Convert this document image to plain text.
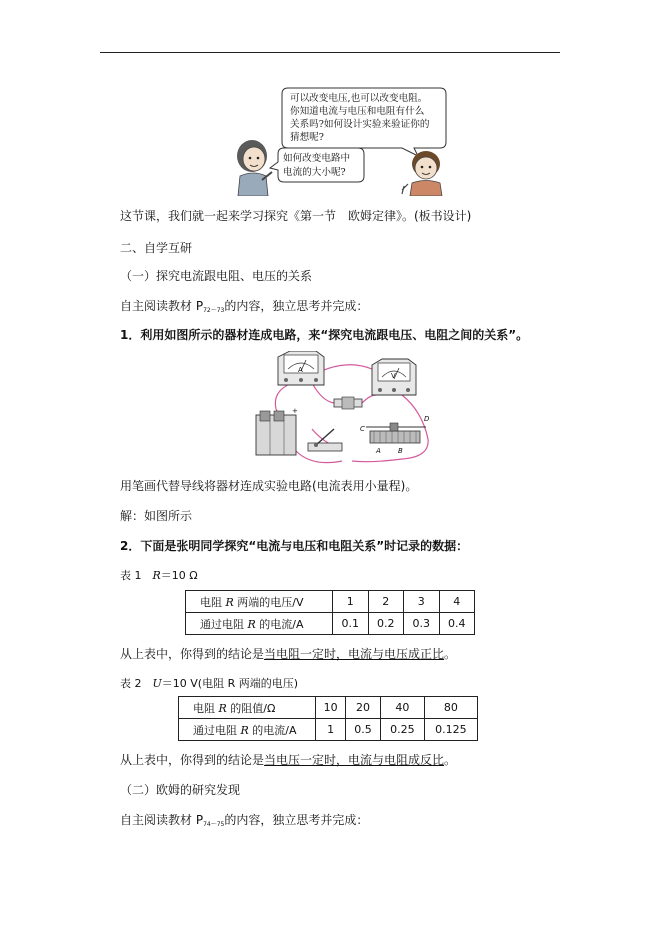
可以改变电压,也可以改变电阻。
你知道电流与电压和电阻有什么
关系吗?如何设计实验来验证你的
猜想呢?
如何改变电路中
电流的大小呢?
这节课，我们就一起来学习探究《第一节　欧姆定律》。(板书设计)
二、自学互研
（一）探究电流跟电阻、电压的关系
自主阅读教材 $P_{72\sim 73}$的内容，独立思考并完成：
1．利用如图所示的器材连成电路，来“探究电流跟电压、电阻之间的关系”。
A
V
+
C
D
A B
用笔画代替导线将器材连成实验电路(电流表用小量程)。
解：如图所示
2．下面是张明同学探究“电流与电压和电阻关系”时记录的数据：
表 1　R＝10 Ω
电阻 R 两端的电压/V	1	2	3	4
通过电阻 R 的电流/A	0.1	0.2	0.3	0.4
从上表中，你得到的结论是当电阻一定时，电流与电压成正比。
表 2　U＝10 V(电阻 R 两端的电压)
电阻 R 的阻值/Ω	10	20	40	80
通过电阻 R 的电流/A	1	0.5	0.25	0.125
从上表中，你得到的结论是当电压一定时，电流与电阻成反比。
（二）欧姆的研究发现
自主阅读教材 $P_{74\sim 75}$的内容，独立思考并完成：
